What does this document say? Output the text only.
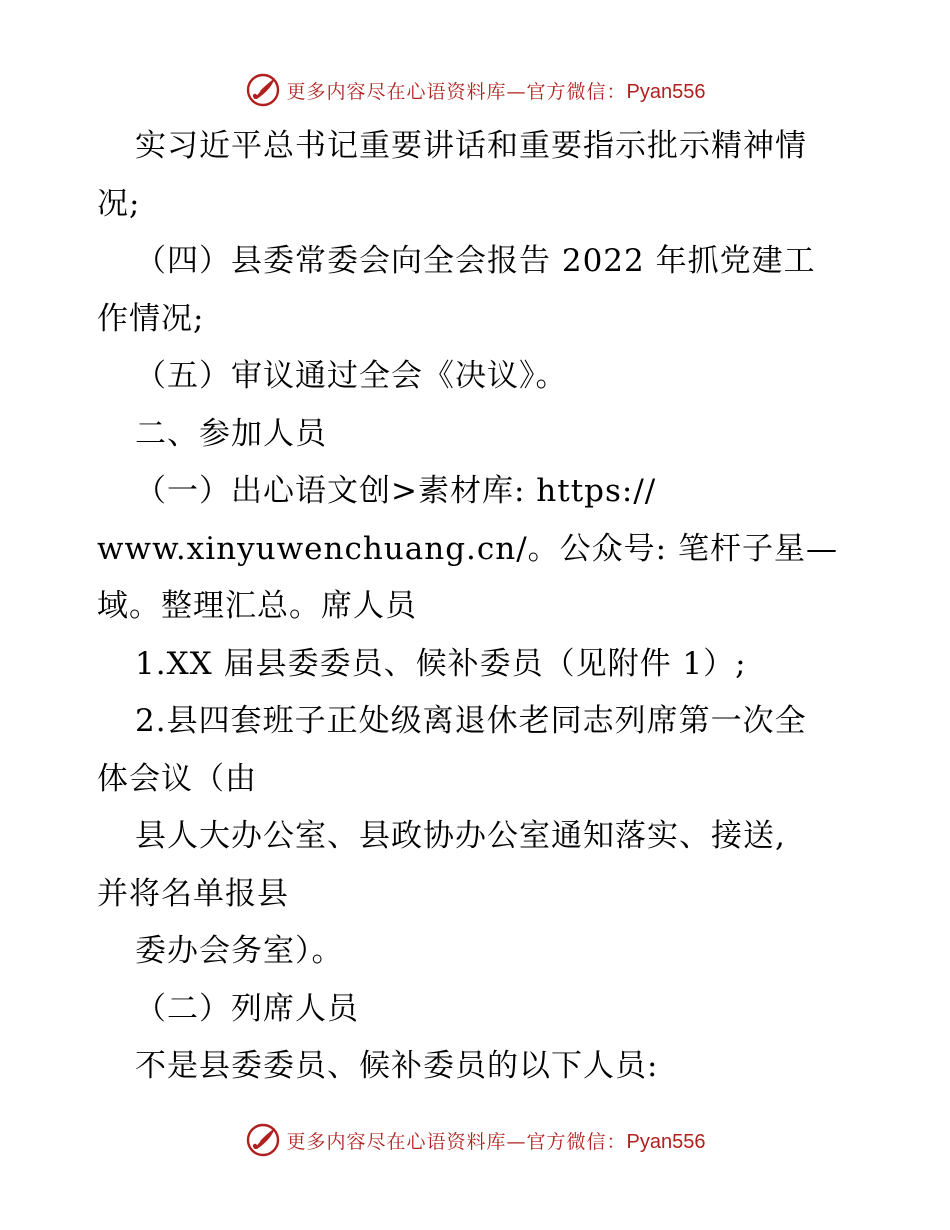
更多内容尽在心语资料库—官方微信：Pyan556
实习近平总书记重要讲话和重要指示批示精神情
况;
（四）县委常委会向全会报告 2022 年抓党建工
作情况;
（五）审议通过全会《决议》。
二、参加人员
（一）出心语文创>素材库: https://
www.xinyuwenchuang.cn/。公众号: 笔杆子星—
域。整理汇总。席人员
1.XX 届县委委员、候补委员（见附件 1）;
2.县四套班子正处级离退休老同志列席第一次全
体会议（由
县人大办公室、县政协办公室通知落实、接送,
并将名单报县
委办会务室）。
（二）列席人员
不是县委委员、候补委员的以下人员:
更多内容尽在心语资料库—官方微信：Pyan556
